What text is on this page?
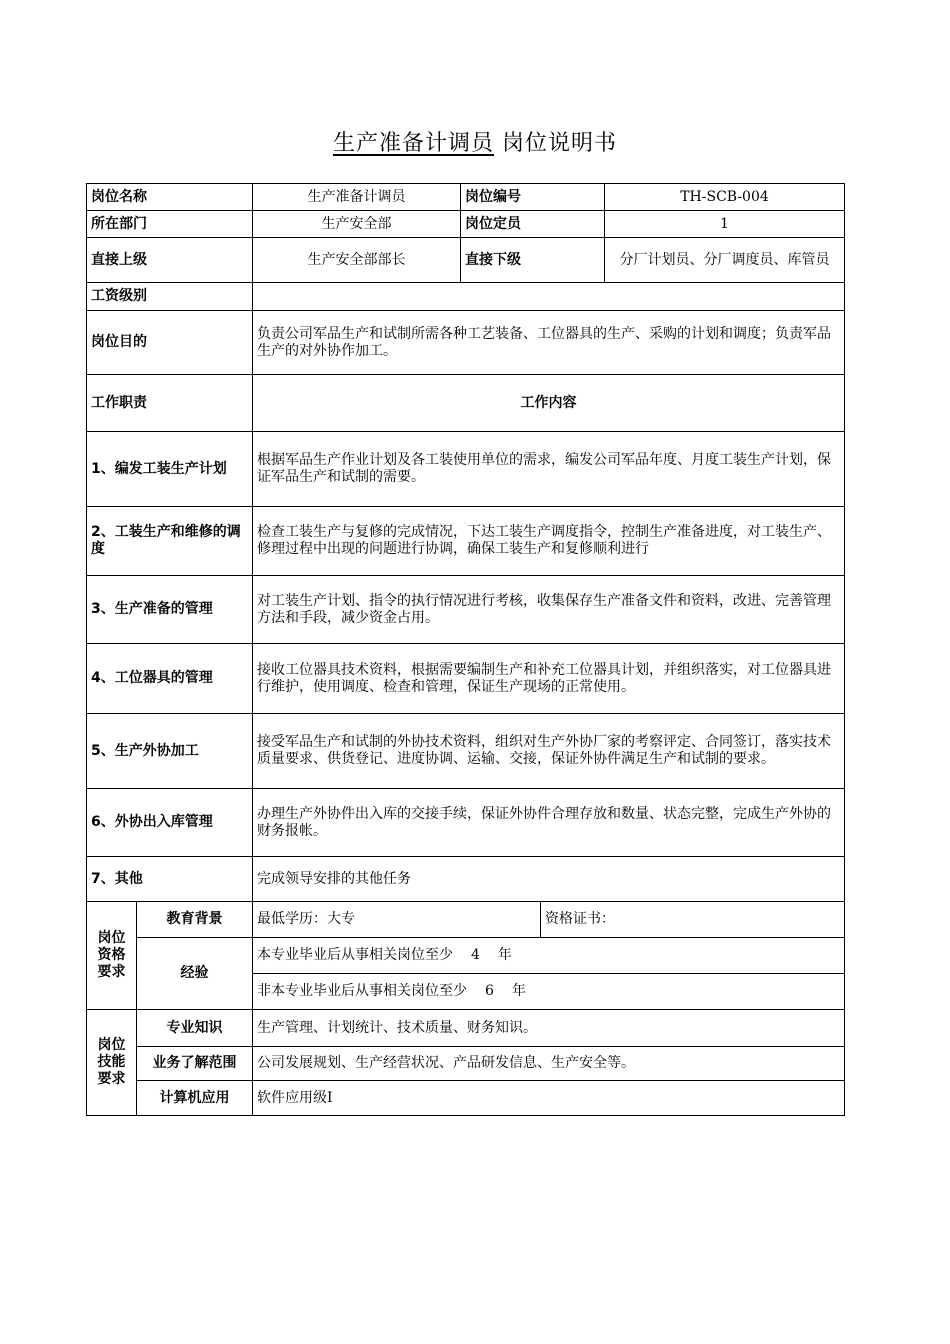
生产准备计调员 岗位说明书
岗位名称		生产准备计调员	岗位编号		TH-SCB-004
所在部门		生产安全部	岗位定员		1
直接上级		生产安全部部长	直接下级		分厂计划员、分厂调度员、库管员
工资级别					
岗位目的		负责公司军品生产和试制所需各种工艺装备、工位器具的生产、采购的计划和调度；负责军品生产的对外协作加工。			
工作职责		工作内容			
1、编发工装生产计划		根据军品生产作业计划及各工装使用单位的需求，编发公司军品年度、月度工装生产计划，保证军品生产和试制的需要。			
2、工装生产和维修的调度		检查工装生产与复修的完成情况，下达工装生产调度指令，控制生产准备进度，对工装生产、修理过程中出现的问题进行协调，确保工装生产和复修顺利进行			
3、生产准备的管理		对工装生产计划、指令的执行情况进行考核，收集保存生产准备文件和资料，改进、完善管理方法和手段，减少资金占用。			
4、工位器具的管理		接收工位器具技术资料，根据需要编制生产和补充工位器具计划，并组织落实，对工位器具进行维护，使用调度、检查和管理，保证生产现场的正常使用。			
5、生产外协加工		接受军品生产和试制的外协技术资料，组织对生产外协厂家的考察评定、合同签订，落实技术质量要求、供货登记、进度协调、运输、交接，保证外协件满足生产和试制的要求。			
6、外协出入库管理		办理生产外协件出入库的交接手续，保证外协件合理存放和数量、状态完整，完成生产外协的财务报帐。			
7、其他		完成领导安排的其他任务			
岗位资格要求	教育背景	最低学历：大专		资格证书：	
	经验	本专业毕业后从事相关岗位至少 4 年			
		非本专业毕业后从事相关岗位至少 6 年			
岗位技能要求	专业知识	生产管理、计划统计、技术质量、财务知识。			
	业务了解范围	公司发展规划、生产经营状况、产品研发信息、生产安全等。			
	计算机应用	软件应用级Ⅰ			
